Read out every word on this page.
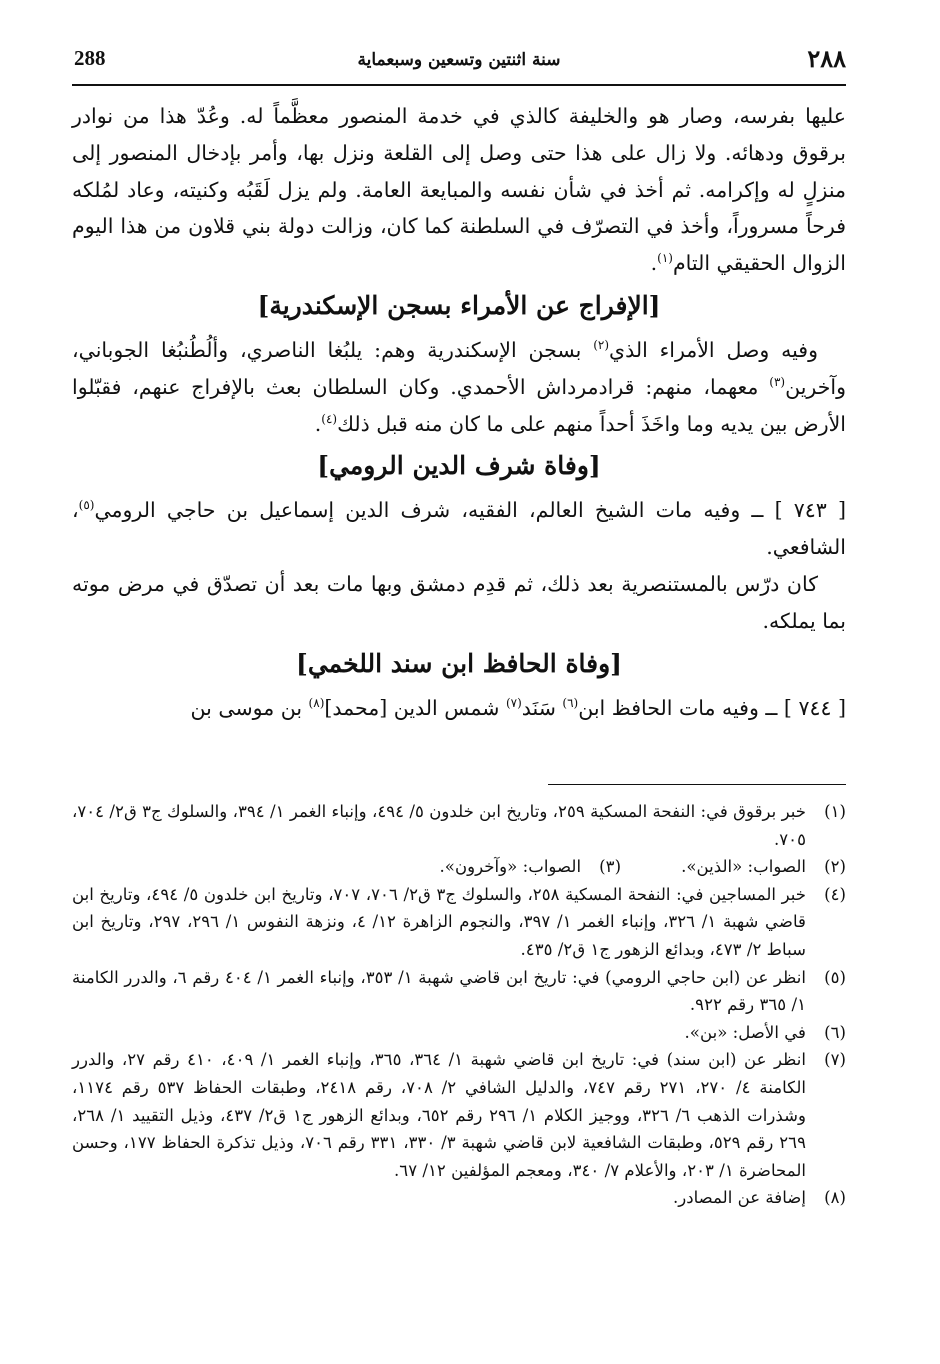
288	سنة اثنتين وتسعين وسبعماية	٢٨٨

عليها بفرسه، وصار هو والخليفة كالذي في خدمة المنصور معظَّماً له. وعُدّ هذا من نوادر برقوق ودهائه. ولا زال على هذا حتى وصل إلى القلعة ونزل بها، وأمر بإدخال المنصور إلى منزلٍ له وإكرامه. ثم أخذ في شأن نفسه والمبايعة العامة. ولم يزل لَقَبُه وكنيته، وعاد لمُلكه فرحاً مسروراً، وأخذ في التصرّف في السلطنة كما كان، وزالت دولة بني قلاون من هذا اليوم الزوال الحقيقي التام$^{(١)}$.

[الإفراج عن الأمراء بسجن الإسكندرية]

وفيه وصل الأمراء الذي$^{(٢)}$ بسجن الإسكندرية وهم: يلبُغا الناصري، وألُطُنبُغا الجوباني، وآخرين$^{(٣)}$ معهما، منهم: قرادمرداش الأحمدي. وكان السلطان بعث بالإفراج عنهم، فقبّلوا الأرض بين يديه وما واخَذَ أحداً منهم على ما كان منه قبل ذلك$^{(٤)}$.

[وفاة شرف الدين الرومي]

[ ٧٤٣ ] ــ وفيه مات الشيخ العالم، الفقيه، شرف الدين إسماعيل بن حاجي الرومي$^{(٥)}$، الشافعي.

كان درّس بالمستنصرية بعد ذلك، ثم قدِم دمشق وبها مات بعد أن تصدّق في مرض موته بما يملكه.

[وفاة الحافظ ابن سند اللخمي]

[ ٧٤٤ ] ــ وفيه مات الحافظ ابن$^{(٦)}$ سَنَد$^{(٧)}$ شمس الدين [محمد]$^{(٨)}$ بن موسى بن

(١)
خبر برقوق في: النفحة المسكية ٢٥٩، وتاريخ ابن خلدون ٥/ ٤٩٤، وإنباء الغمر ١/ ٣٩٤، والسلوك ج٣ ق٢/ ٧٠٤، ٧٠٥.
(٢)
الصواب: «الذين».
(٣)
الصواب: «وآخرون».
(٤)
خبر المساجين في: النفحة المسكية ٢٥٨، والسلوك ج٣ ق٢/ ٧٠٦، ٧٠٧، وتاريخ ابن خلدون ٥/ ٤٩٤، وتاريخ ابن قاضي شهبة ١/ ٣٢٦، وإنباء الغمر ١/ ٣٩٧، والنجوم الزاهرة ١٢/ ٤، ونزهة النفوس ١/ ٢٩٦، ٢٩٧، وتاريخ ابن سباط ٢/ ٤٧٣، وبدائع الزهور ج١ ق٢/ ٤٣٥.
(٥)
انظر عن (ابن حاجي الرومي) في: تاريخ ابن قاضي شهبة ١/ ٣٥٣، وإنباء الغمر ١/ ٤٠٤ رقم ٦، والدرر الكامنة ١/ ٣٦٥ رقم ٩٢٢.
(٦)
في الأصل: «بن».
(٧)
انظر عن (ابن سند) في: تاريخ ابن قاضي شهبة ١/ ٣٦٤، ٣٦٥، وإنباء الغمر ١/ ٤٠٩، ٤١٠ رقم ٢٧، والدرر الكامنة ٤/ ٢٧٠، ٢٧١ رقم ٧٤٧، والدليل الشافي ٢/ ٧٠٨، رقم ٢٤١٨، وطبقات الحفاظ ٥٣٧ رقم ١١٧٤، وشذرات الذهب ٦/ ٣٢٦، ووجيز الكلام ١/ ٢٩٦ رقم ٦٥٢، وبدائع الزهور ج١ ق٢/ ٤٣٧، وذيل التقييد ١/ ٢٦٨، ٢٦٩ رقم ٥٢٩، وطبقات الشافعية لابن قاضي شهبة ٣/ ٣٣٠، ٣٣١ رقم ٧٠٦، وذيل تذكرة الحفاظ ١٧٧، وحسن المحاضرة ١/ ٢٠٣، والأعلام ٧/ ٣٤٠، ومعجم المؤلفين ١٢/ ٦٧.
(٨)
إضافة عن المصادر.
